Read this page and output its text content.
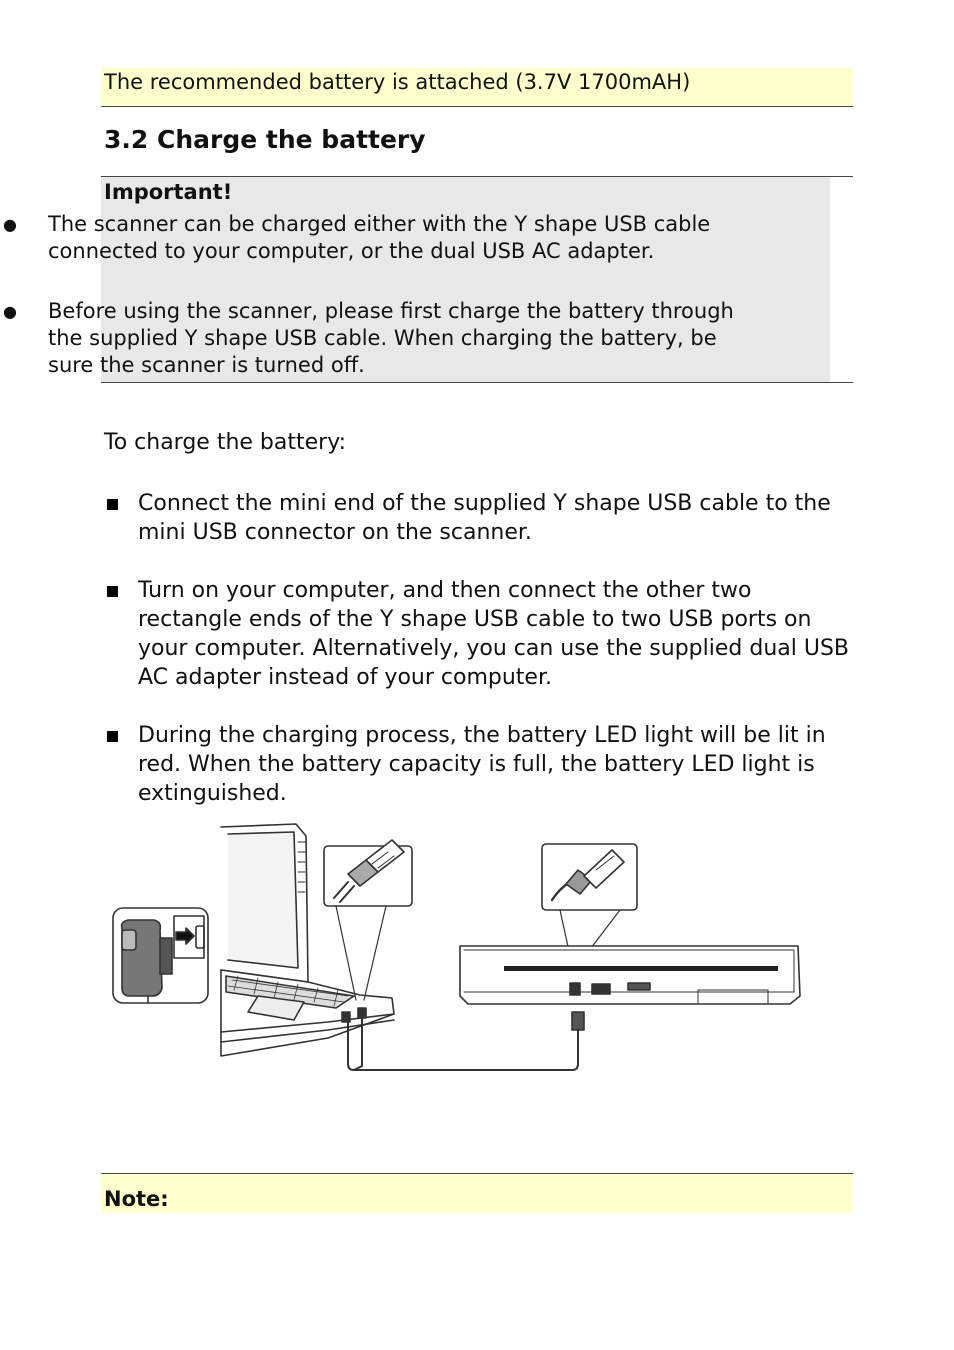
The recommended battery is attached (3.7V 1700mAH)
3.2 Charge the battery
Important!
● The scanner can be charged either with the Y shape USB cable connected to your computer, or the dual USB AC adapter.
● Before using the scanner, please first charge the battery through the supplied Y shape USB cable. When charging the battery, be sure the scanner is turned off.
To charge the battery:
Connect the mini end of the supplied Y shape USB cable to the mini USB connector on the scanner.
Turn on your computer, and then connect the other two rectangle ends of the Y shape USB cable to two USB ports on your computer. Alternatively, you can use the supplied dual USB AC adapter instead of your computer.
During the charging process, the battery LED light will be lit in red. When the battery capacity is full, the battery LED light is extinguished.
Note:
